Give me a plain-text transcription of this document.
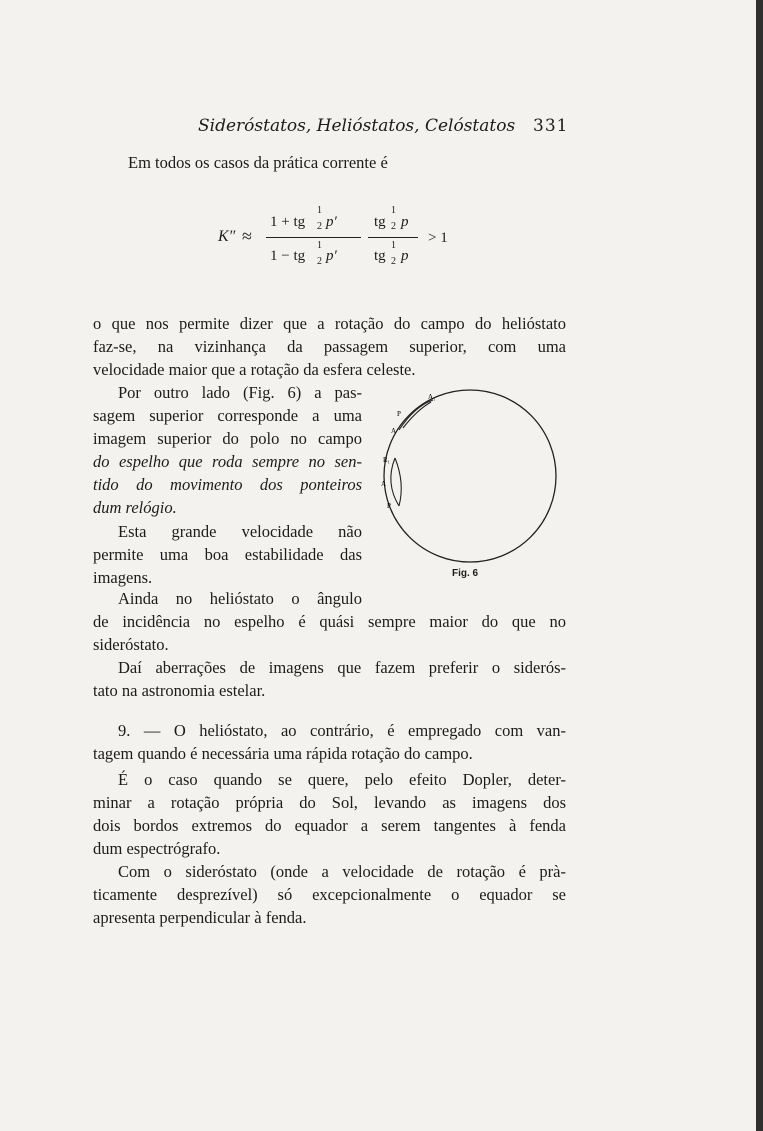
Sideróstatos, Helióstatos, Celóstatos 331
Em todos os casos da prática corrente é
K″ ≈
1 + tg
1
2 p′ tg
1
2 p
> 1
1 − tg
1
2 p′ tg
1
2 p
o que nos permite dizer que a rotação do campo do helióstato
faz-se, na vizinhança da passagem superior, com uma
velocidade maior que a rotação da esfera celeste.
Por outro lado (Fig. 6) a pas-
sagem superior corresponde a uma
imagem superior do polo no campo
do espelho que roda sempre no sen-
tido do movimento dos ponteiros
dum relógio.
Esta grande velocidade não
permite uma boa estabilidade das
imagens.
A₁
P
A
R₁
A
P
Fig. 6
Ainda no helióstato o ângulo
de incidência no espelho é quási sempre maior do que no
sideróstato.
Daí aberrações de imagens que fazem preferir o siderós-
tato na astronomia estelar.
9. — O helióstato, ao contrário, é empregado com van-
tagem quando é necessária uma rápida rotação do campo.
É o caso quando se quere, pelo efeito Dopler, deter-
minar a rotação própria do Sol, levando as imagens dos
dois bordos extremos do equador a serem tangentes à fenda
dum espectrógrafo.
Com o sideróstato (onde a velocidade de rotação é prà-
ticamente desprezível) só excepcionalmente o equador se
apresenta perpendicular à fenda.
